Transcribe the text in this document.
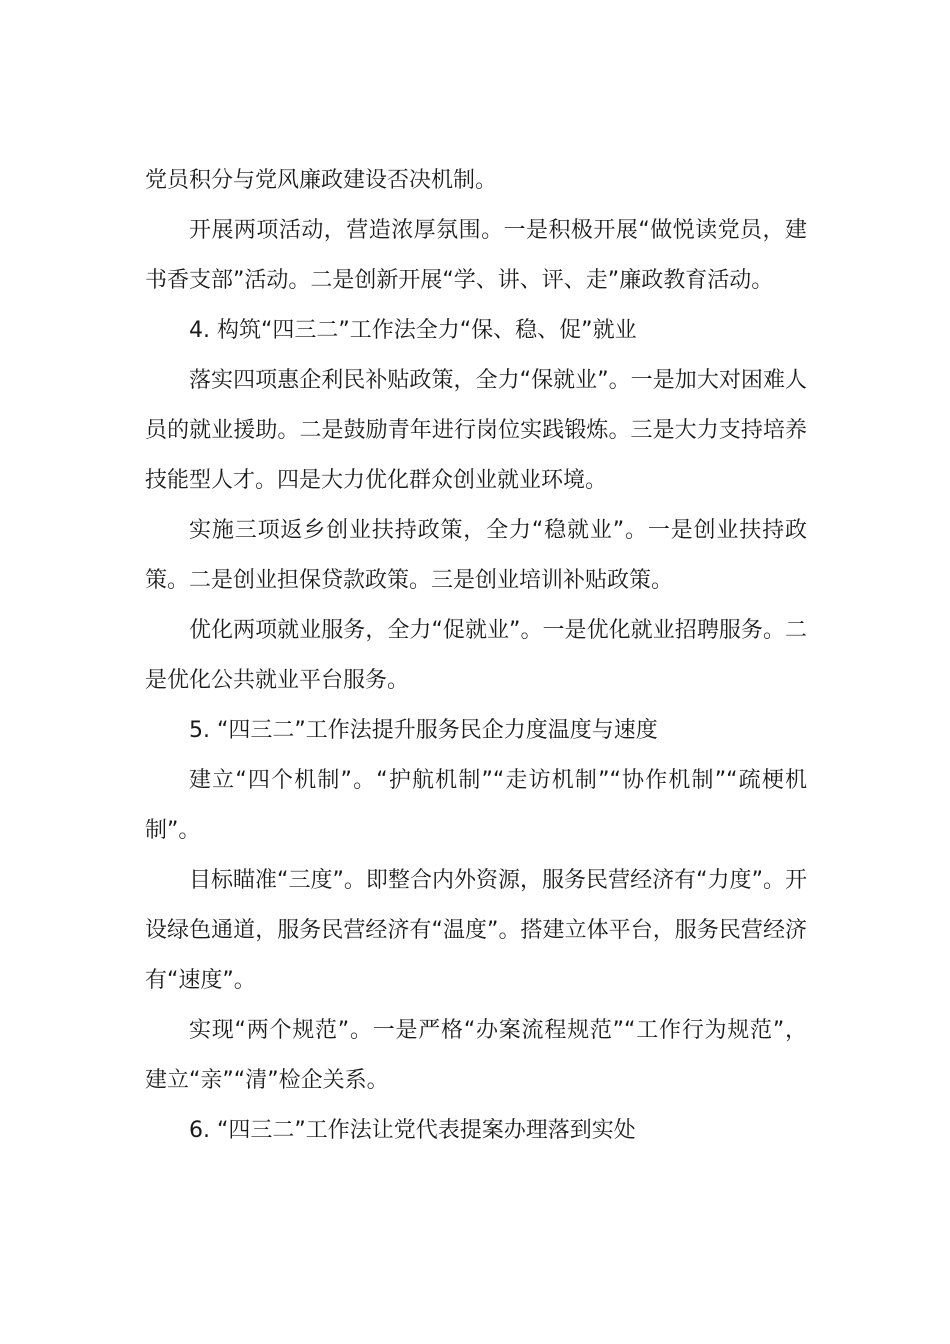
党员积分与党风廉政建设否决机制。

开展两项活动，营造浓厚氛围。一是积极开展“做悦读党员，建书香支部”活动。二是创新开展“学、讲、评、走”廉政教育活动。

4. 构筑“四三二”工作法全力“保、稳、促”就业

落实四项惠企利民补贴政策，全力“保就业”。一是加大对困难人员的就业援助。二是鼓励青年进行岗位实践锻炼。三是大力支持培养技能型人才。四是大力优化群众创业就业环境。

实施三项返乡创业扶持政策，全力“稳就业”。一是创业扶持政策。二是创业担保贷款政策。三是创业培训补贴政策。

优化两项就业服务，全力“促就业”。一是优化就业招聘服务。二是优化公共就业平台服务。

5. “四三二”工作法提升服务民企力度温度与速度

建立“四个机制”。“护航机制”“走访机制”“协作机制”“疏梗机制”。

目标瞄准“三度”。即整合内外资源，服务民营经济有“力度”。开设绿色通道，服务民营经济有“温度”。搭建立体平台，服务民营经济有“速度”。

实现“两个规范”。一是严格“办案流程规范”“工作行为规范”，建立“亲”“清”检企关系。

6. “四三二”工作法让党代表提案办理落到实处
